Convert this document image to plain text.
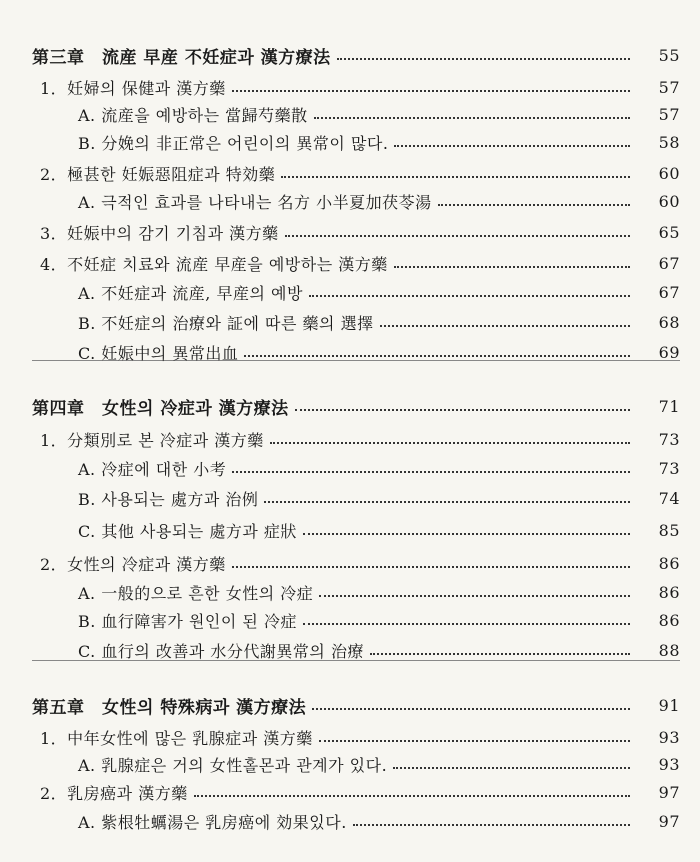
第三章　流産 早産 不妊症과 漢方療法	55
1．妊婦의 保健과 漢方藥	57
A. 流産을 예방하는 當歸芍藥散	57
B. 分娩의 非正常은 어린이의 異常이 많다.	58
2．極甚한 妊娠惡阻症과 特効藥	60
A. 극적인 효과를 나타내는 名方 小半夏加茯苓湯	60
3．妊娠中의 감기 기침과 漢方藥	65
4．不妊症 치료와 流産 早産을 예방하는 漢方藥	67
A. 不妊症과 流産, 早産의 예방	67
B. 不妊症의 治療와 証에 따른 藥의 選擇	68
C. 妊娠中의 異常出血	69
第四章　女性의 冷症과 漢方療法	71
1．分類別로 본 冷症과 漢方藥	73
A. 冷症에 대한 小考	73
B. 사용되는 處方과 治例	74
C. 其他 사용되는 處方과 症狀	85
2．女性의 冷症과 漢方藥	86
A. 一般的으로 흔한 女性의 冷症	86
B. 血行障害가 원인이 된 冷症	86
C. 血行의 改善과 水分代謝異常의 治療	88
第五章　女性의 特殊病과 漢方療法	91
1．中年女性에 많은 乳腺症과 漢方藥	93
A. 乳腺症은 거의 女性홀몬과 관계가 있다.	93
2．乳房癌과 漢方藥	97
A. 紫根牡蠣湯은 乳房癌에 効果있다.	97
